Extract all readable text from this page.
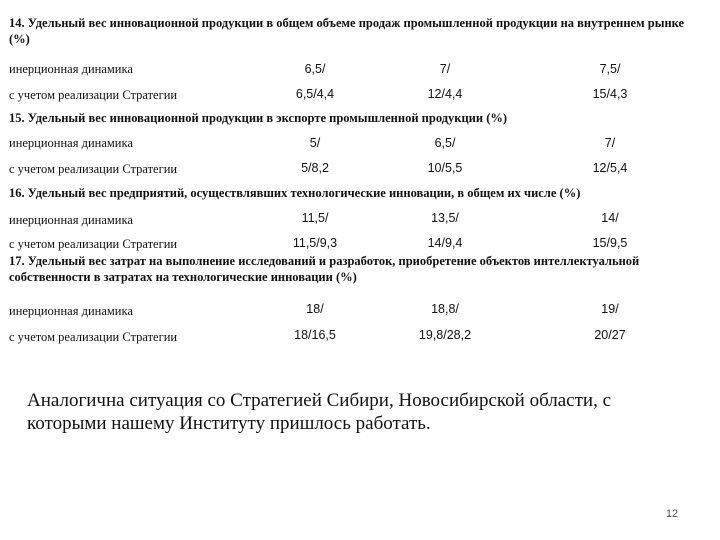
14. Удельный вес инновационной продукции в общем объеме продаж промышленной продукции на внутреннем рынке (%)
инерционная динамика	6,5/	7/	7,5/
с учетом реализации Стратегии	6,5/4,4	12/4,4	15/4,3
15. Удельный вес инновационной продукции в экспорте промышленной продукции (%)
инерционная динамика	5/	6,5/	7/
с учетом реализации Стратегии	5/8,2	10/5,5	12/5,4
16. Удельный вес предприятий, осуществлявших технологические инновации, в общем их числе (%)
инерционная динамика	11,5/	13,5/	14/
с учетом реализации Стратегии	11,5/9,3	14/9,4	15/9,5
17. Удельный вес затрат на выполнение исследований и разработок, приобретение объектов интеллектуальной собственности в затратах на технологические инновации (%)
инерционная динамика	18/	18,8/	19/
с учетом реализации Стратегии	18/16,5	19,8/28,2	20/27
Аналогична ситуация со Стратегией Сибири, Новосибирской области, с которыми нашему Институту пришлось работать.
12
